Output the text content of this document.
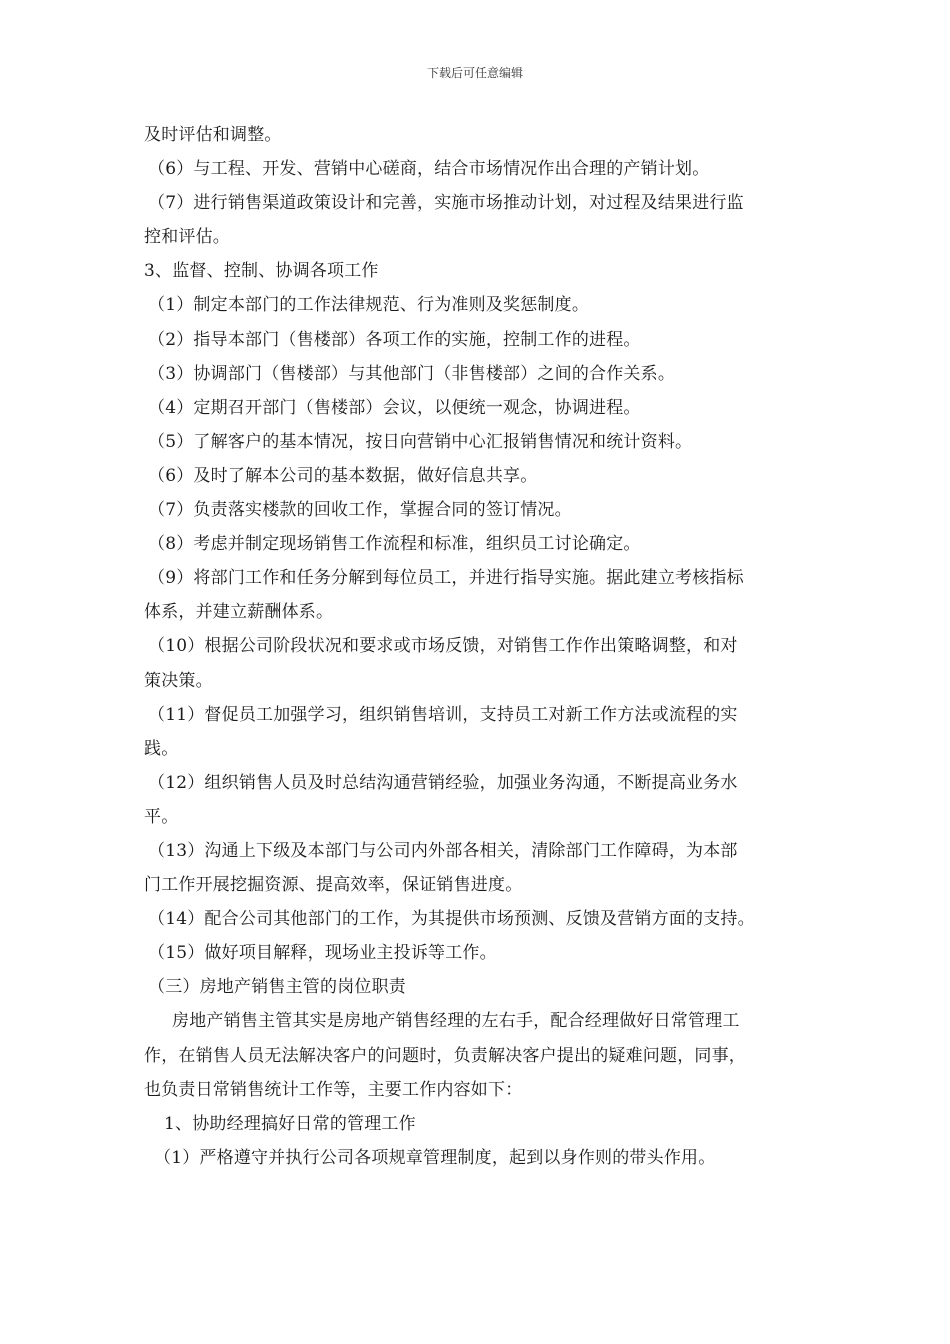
下载后可任意编辑
及时评估和调整。
（6）与工程、开发、营销中心磋商，结合市场情况作出合理的产销计划。
（7）进行销售渠道政策设计和完善，实施市场推动计划，对过程及结果进行监
控和评估。
3、监督、控制、协调各项工作
（1）制定本部门的工作法律规范、行为准则及奖惩制度。
（2）指导本部门（售楼部）各项工作的实施，控制工作的进程。
（3）协调部门（售楼部）与其他部门（非售楼部）之间的合作关系。
（4）定期召开部门（售楼部）会议，以便统一观念，协调进程。
（5）了解客户的基本情况，按日向营销中心汇报销售情况和统计资料。
（6）及时了解本公司的基本数据，做好信息共享。
（7）负责落实楼款的回收工作，掌握合同的签订情况。
（8）考虑并制定现场销售工作流程和标准，组织员工讨论确定。
（9）将部门工作和任务分解到每位员工，并进行指导实施。据此建立考核指标
体系，并建立薪酬体系。
（10）根据公司阶段状况和要求或市场反馈，对销售工作作出策略调整，和对
策决策。
（11）督促员工加强学习，组织销售培训，支持员工对新工作方法或流程的实
践。
（12）组织销售人员及时总结沟通营销经验，加强业务沟通，不断提高业务水
平。
（13）沟通上下级及本部门与公司内外部各相关，清除部门工作障碍，为本部
门工作开展挖掘资源、提高效率，保证销售进度。
（14）配合公司其他部门的工作，为其提供市场预测、反馈及营销方面的支持。
（15）做好项目解释，现场业主投诉等工作。
（三）房地产销售主管的岗位职责
房地产销售主管其实是房地产销售经理的左右手，配合经理做好日常管理工
作，在销售人员无法解决客户的问题时，负责解决客户提出的疑难问题，同事，
也负责日常销售统计工作等，主要工作内容如下：
1、协助经理搞好日常的管理工作
（1）严格遵守并执行公司各项规章管理制度，起到以身作则的带头作用。
